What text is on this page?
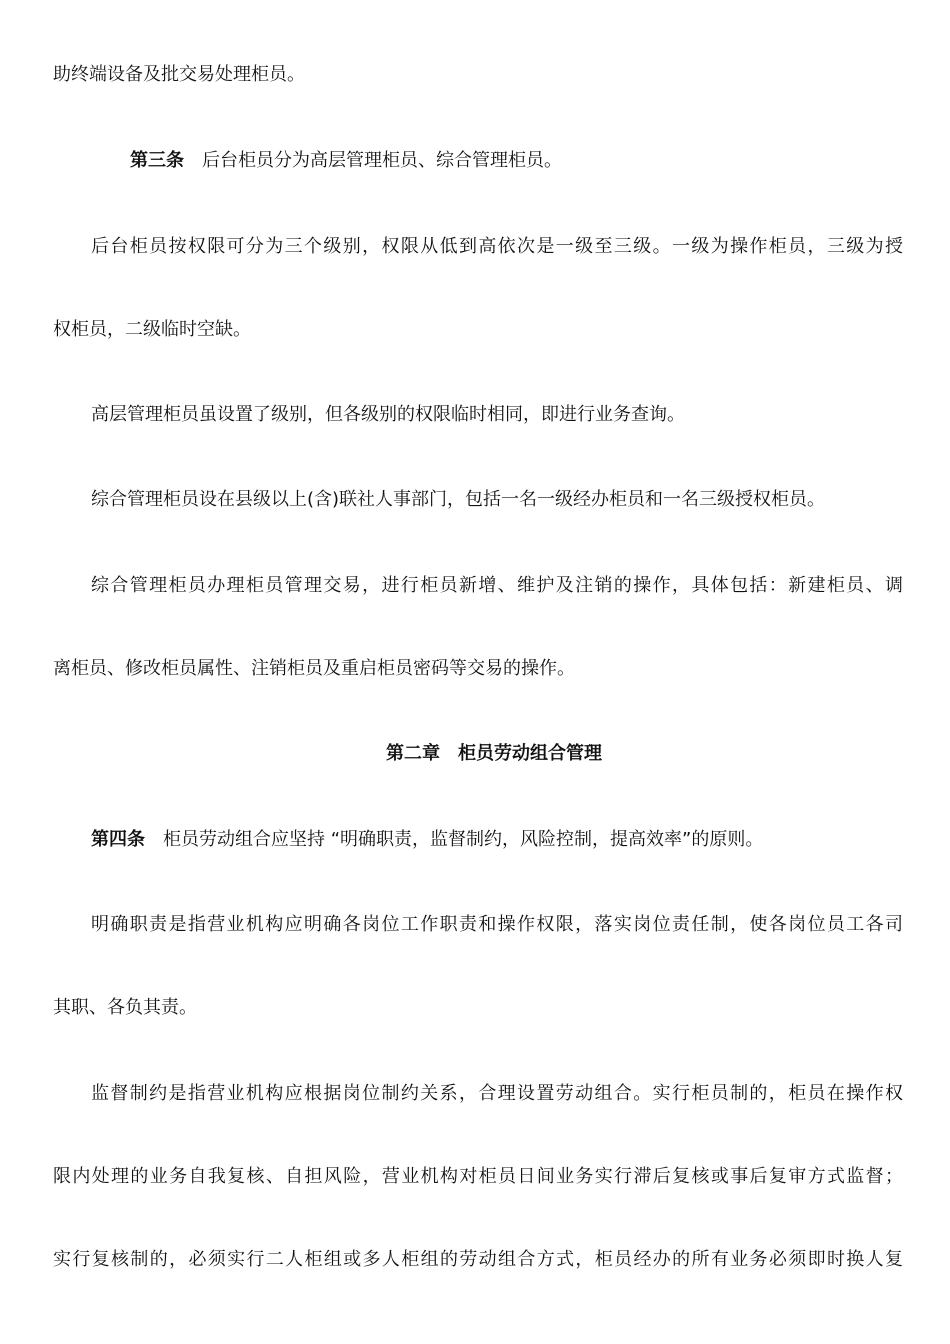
助终端设备及批交易处理柜员。
第三条 后台柜员分为高层管理柜员、综合管理柜员。
后台柜员按权限可分为三个级别，权限从低到高依次是一级至三级。一级为操作柜员，三级为授
权柜员，二级临时空缺。
高层管理柜员虽设置了级别，但各级别的权限临时相同，即进行业务查询。
综合管理柜员设在县级以上(含)联社人事部门，包括一名一级经办柜员和一名三级授权柜员。
综合管理柜员办理柜员管理交易，进行柜员新增、维护及注销的操作，具体包括：新建柜员、调
离柜员、修改柜员属性、注销柜员及重启柜员密码等交易的操作。
第二章　柜员劳动组合管理
第四条 柜员劳动组合应坚持 “明确职责，监督制约，风险控制，提高效率”的原则。
明确职责是指营业机构应明确各岗位工作职责和操作权限，落实岗位责任制，使各岗位员工各司
其职、各负其责。
监督制约是指营业机构应根据岗位制约关系，合理设置劳动组合。实行柜员制的，柜员在操作权
限内处理的业务自我复核、自担风险，营业机构对柜员日间业务实行滞后复核或事后复审方式监督；
实行复核制的，必须实行二人柜组或多人柜组的劳动组合方式，柜员经办的所有业务必须即时换人复
